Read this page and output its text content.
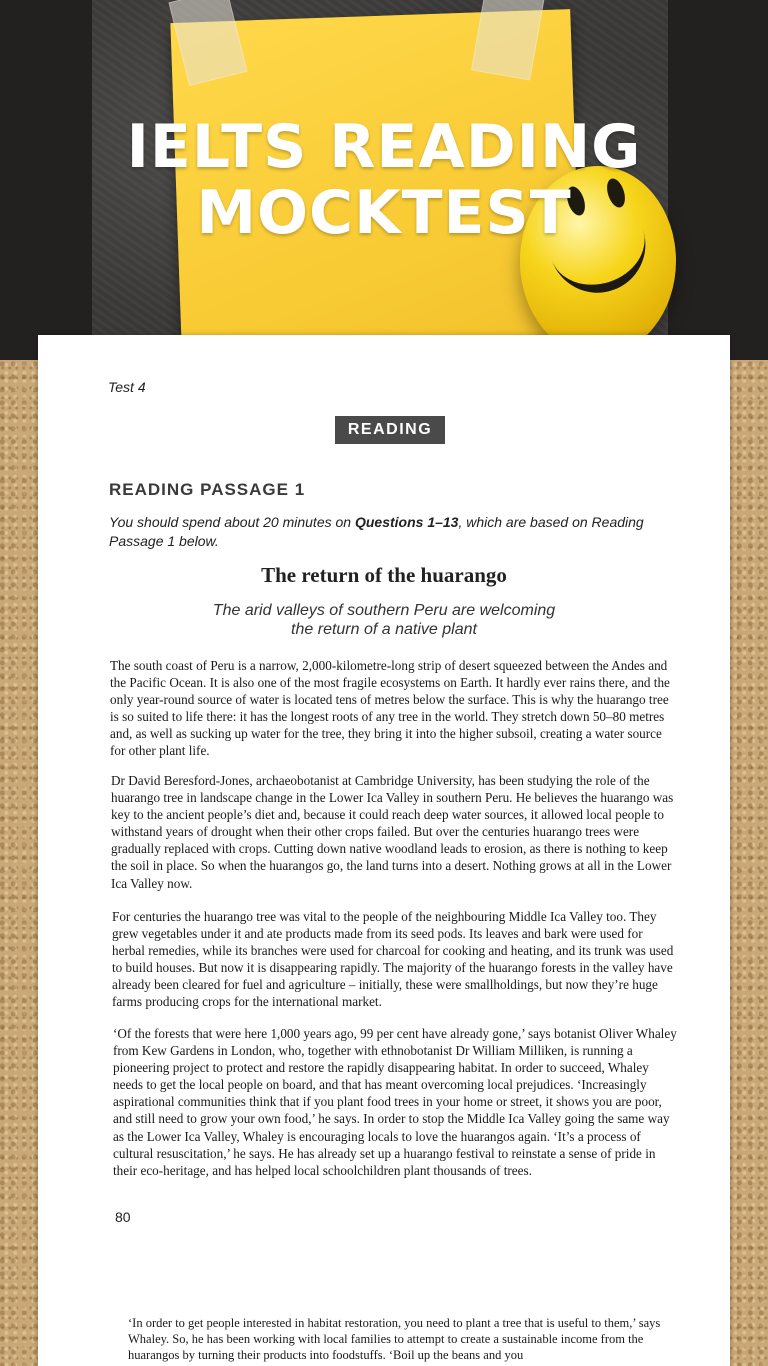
IELTS READING
MOCKTEST
Test 4
READING
READING PASSAGE 1
You should spend about 20 minutes on Questions 1–13, which are based on Reading Passage 1 below.
The return of the huarango
The arid valleys of southern Peru are welcoming
the return of a native plant

The south coast of Peru is a narrow, 2,000-kilometre-long strip of desert squeezed between the Andes and the Pacific Ocean. It is also one of the most fragile ecosystems on Earth. It hardly ever rains there, and the only year-round source of water is located tens of metres below the surface. This is why the huarango tree is so suited to life there: it has the longest roots of any tree in the world. They stretch down 50–80 metres and, as well as sucking up water for the tree, they bring it into the higher subsoil, creating a water source for other plant life.

Dr David Beresford-Jones, archaeobotanist at Cambridge University, has been studying the role of the huarango tree in landscape change in the Lower Ica Valley in southern Peru. He believes the huarango was key to the ancient people’s diet and, because it could reach deep water sources, it allowed local people to withstand years of drought when their other crops failed. But over the centuries huarango trees were gradually replaced with crops. Cutting down native woodland leads to erosion, as there is nothing to keep the soil in place. So when the huarangos go, the land turns into a desert. Nothing grows at all in the Lower Ica Valley now.

For centuries the huarango tree was vital to the people of the neighbouring Middle Ica Valley too. They grew vegetables under it and ate products made from its seed pods. Its leaves and bark were used for herbal remedies, while its branches were used for charcoal for cooking and heating, and its trunk was used to build houses. But now it is disappearing rapidly. The majority of the huarango forests in the valley have already been cleared for fuel and agriculture – initially, these were smallholdings, but now they’re huge farms producing crops for the international market.

‘Of the forests that were here 1,000 years ago, 99 per cent have already gone,’ says botanist Oliver Whaley from Kew Gardens in London, who, together with ethnobotanist Dr William Milliken, is running a pioneering project to protect and restore the rapidly disappearing habitat. In order to succeed, Whaley needs to get the local people on board, and that has meant overcoming local prejudices. ‘Increasingly aspirational communities think that if you plant food trees in your home or street, it shows you are poor, and still need to grow your own food,’ he says. In order to stop the Middle Ica Valley going the same way as the Lower Ica Valley, Whaley is encouraging locals to love the huarangos again. ‘It’s a process of cultural resuscitation,’ he says. He has already set up a huarango festival to reinstate a sense of pride in their eco-heritage, and has helped local schoolchildren plant thousands of trees.

80

‘In order to get people interested in habitat restoration, you need to plant a tree that is useful to them,’ says Whaley. So, he has been working with local families to attempt to create a sustainable income from the huarangos by turning their products into foodstuffs. ‘Boil up the beans and you
